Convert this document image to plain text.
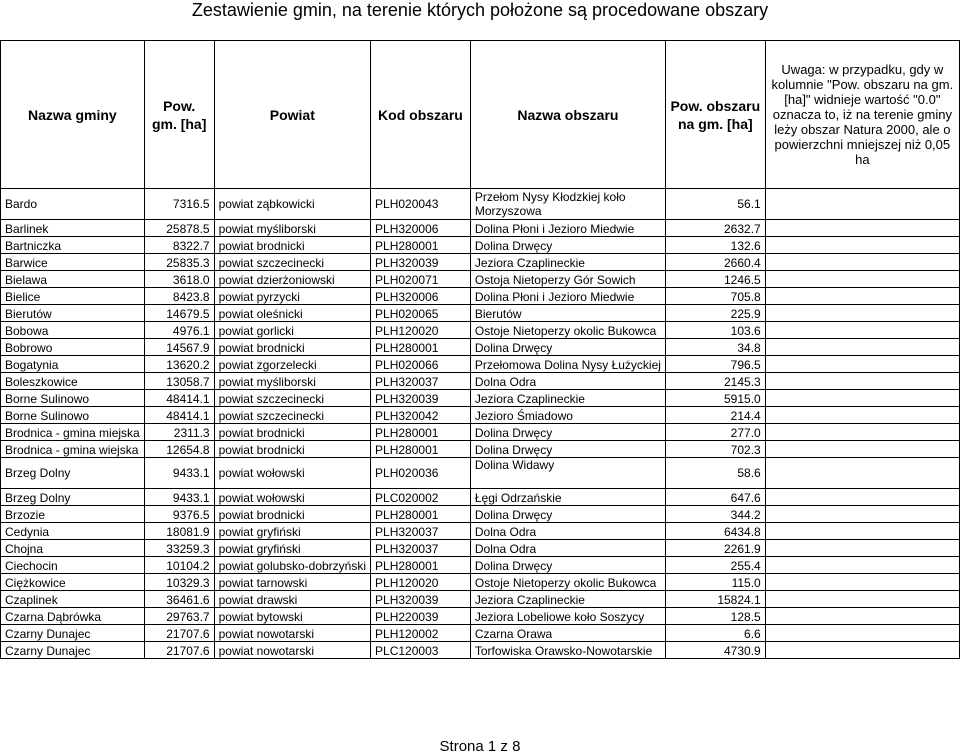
Zestawienie gmin, na terenie których położone są procedowane obszary
Nazwa gminy	Pow. gm. [ha]	Powiat	Kod obszaru	Nazwa obszaru	Pow. obszaru na gm. [ha]	Uwaga: w przypadku, gdy w kolumnie "Pow. obszaru na gm. [ha]" widnieje wartość "0.0" oznacza to, iż na terenie gminy leży obszar Natura 2000, ale o powierzchni mniejszej niż 0,05 ha
Bardo	7316.5	powiat ząbkowicki	PLH020043	Przełom Nysy Kłodzkiej koło Morzyszowa	56.1	
Barlinek	25878.5	powiat myśliborski	PLH320006	Dolina Płoni i Jezioro Miedwie	2632.7	
Bartniczka	8322.7	powiat brodnicki	PLH280001	Dolina Drwęcy	132.6	
Barwice	25835.3	powiat szczecinecki	PLH320039	Jeziora Czaplineckie	2660.4	
Bielawa	3618.0	powiat dzierżoniowski	PLH020071	Ostoja Nietoperzy Gór Sowich	1246.5	
Bielice	8423.8	powiat pyrzycki	PLH320006	Dolina Płoni i Jezioro Miedwie	705.8	
Bierutów	14679.5	powiat oleśnicki	PLH020065	Bierutów	225.9	
Bobowa	4976.1	powiat gorlicki	PLH120020	Ostoje Nietoperzy okolic Bukowca	103.6	
Bobrowo	14567.9	powiat brodnicki	PLH280001	Dolina Drwęcy	34.8	
Bogatynia	13620.2	powiat zgorzelecki	PLH020066	Przełomowa Dolina Nysy Łużyckiej	796.5	
Boleszkowice	13058.7	powiat myśliborski	PLH320037	Dolna Odra	2145.3	
Borne Sulinowo	48414.1	powiat szczecinecki	PLH320039	Jeziora Czaplineckie	5915.0	
Borne Sulinowo	48414.1	powiat szczecinecki	PLH320042	Jezioro Śmiadowo	214.4	
Brodnica - gmina miejska	2311.3	powiat brodnicki	PLH280001	Dolina Drwęcy	277.0	
Brodnica - gmina wiejska	12654.8	powiat brodnicki	PLH280001	Dolina Drwęcy	702.3	
Brzeg Dolny	9433.1	powiat wołowski	PLH020036	Dolina Widawy	58.6	
Brzeg Dolny	9433.1	powiat wołowski	PLC020002	Łęgi Odrzańskie	647.6	
Brzozie	9376.5	powiat brodnicki	PLH280001	Dolina Drwęcy	344.2	
Cedynia	18081.9	powiat gryfiński	PLH320037	Dolna Odra	6434.8	
Chojna	33259.3	powiat gryfiński	PLH320037	Dolna Odra	2261.9	
Ciechocin	10104.2	powiat golubsko-dobrzyński	PLH280001	Dolina Drwęcy	255.4	
Ciężkowice	10329.3	powiat tarnowski	PLH120020	Ostoje Nietoperzy okolic Bukowca	115.0	
Czaplinek	36461.6	powiat drawski	PLH320039	Jeziora Czaplineckie	15824.1	
Czarna Dąbrówka	29763.7	powiat bytowski	PLH220039	Jeziora Lobeliowe koło Soszycy	128.5	
Czarny Dunajec	21707.6	powiat nowotarski	PLH120002	Czarna Orawa	6.6	
Czarny Dunajec	21707.6	powiat nowotarski	PLC120003	Torfowiska Orawsko-Nowotarskie	4730.9	
Strona 1 z 8
